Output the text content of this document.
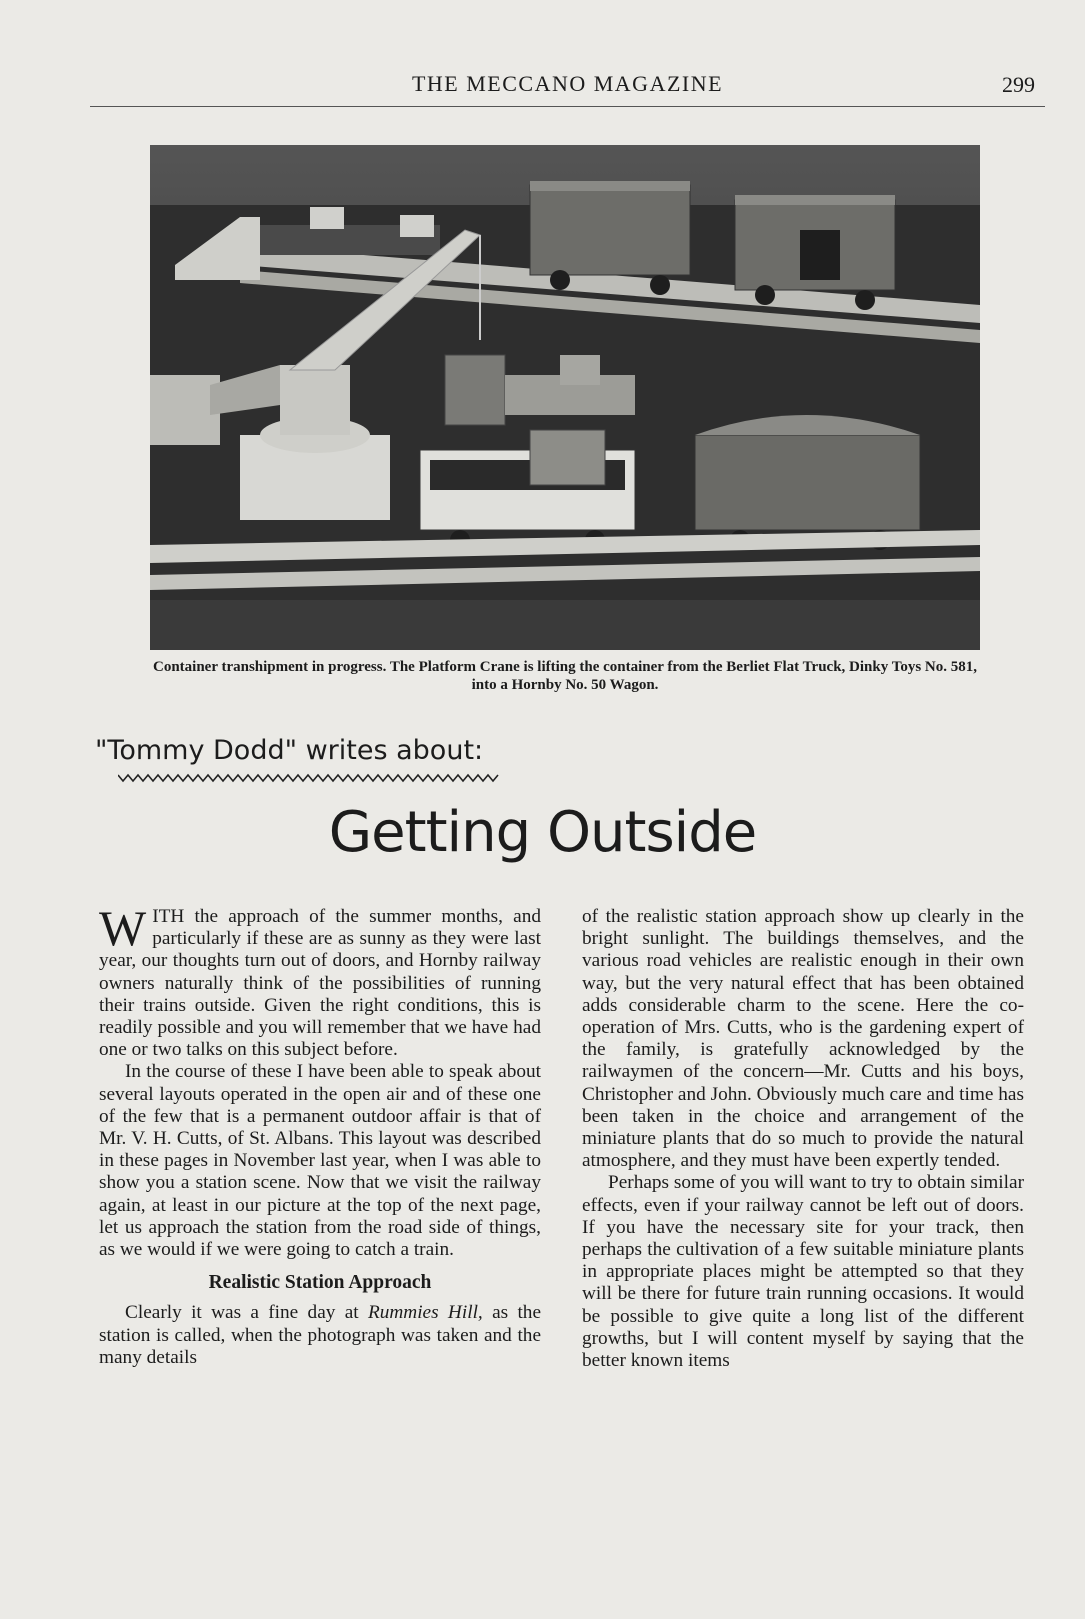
THE MECCANO MAGAZINE	299
Container transhipment in progress. The Platform Crane is lifting the container from the Berliet Flat Truck, Dinky Toys No. 581, into a Hornby No. 50 Wagon.
"Tommy Dodd" writes about:
Getting Outside

WITH the approach of the summer months, and particularly if these are as sunny as they were last year, our thoughts turn out of doors, and Hornby railway owners naturally think of the possibilities of running their trains outside. Given the right conditions, this is readily possible and you will remember that we have had one or two talks on this subject before.

In the course of these I have been able to speak about several layouts operated in the open air and of these one of the few that is a permanent outdoor affair is that of Mr. V. H. Cutts, of St. Albans. This layout was described in these pages in November last year, when I was able to show you a station scene. Now that we visit the railway again, at least in our picture at the top of the next page, let us approach the station from the road side of things, as we would if we were going to catch a train.

Realistic Station Approach

Clearly it was a fine day at Rummies Hill, as the station is called, when the photograph was taken and the many details

of the realistic station approach show up clearly in the bright sunlight. The buildings themselves, and the various road vehicles are realistic enough in their own way, but the very natural effect that has been obtained adds considerable charm to the scene. Here the co-operation of Mrs. Cutts, who is the gardening expert of the family, is gratefully acknowledged by the railwaymen of the concern—Mr. Cutts and his boys, Christopher and John. Obviously much care and time has been taken in the choice and arrangement of the miniature plants that do so much to provide the natural atmosphere, and they must have been expertly tended.

Perhaps some of you will want to try to obtain similar effects, even if your railway cannot be left out of doors. If you have the necessary site for your track, then perhaps the cultivation of a few suitable miniature plants in appropriate places might be attempted so that they will be there for future train running occasions. It would be possible to give quite a long list of the different growths, but I will content myself by saying that the better known items
